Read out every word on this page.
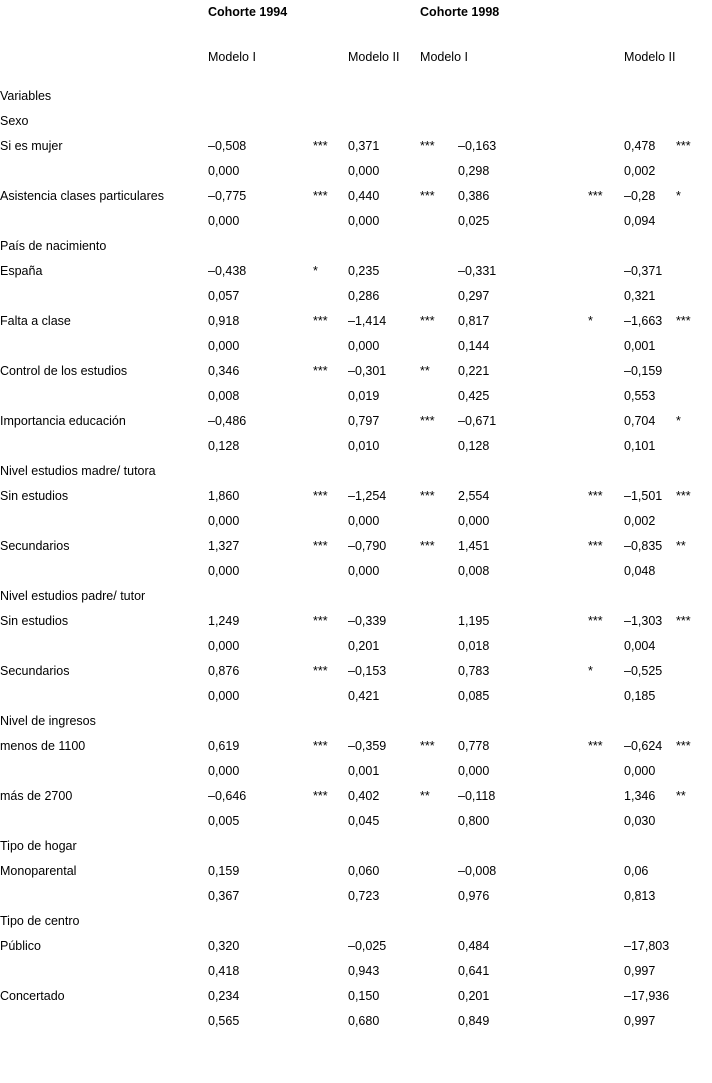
	Cohorte 1994			Cohorte 1998				

	Modelo I		Modelo II	Modelo I			Modelo II	

Variables								
Sexo								
Si es mujer	–0,508	***	0,371	***	–0,163		0,478	***
	0,000		0,000		0,298		0,002	
Asistencia clases particulares	–0,775	***	0,440	***	0,386	***	–0,28	*
	0,000		0,000		0,025		0,094	
País de nacimiento								
España	–0,438	*	0,235		–0,331		–0,371	
	0,057		0,286		0,297		0,321	
Falta a clase	0,918	***	–1,414	***	0,817	*	–1,663	***
	0,000		0,000		0,144		0,001	
Control de los estudios	0,346	***	–0,301	**	0,221		–0,159	
	0,008		0,019		0,425		0,553	
Importancia educación	–0,486		0,797	***	–0,671		0,704	*
	0,128		0,010		0,128		0,101	
Nivel estudios madre/ tutora								
Sin estudios	1,860	***	–1,254	***	2,554	***	–1,501	***
	0,000		0,000		0,000		0,002	
Secundarios	1,327	***	–0,790	***	1,451	***	–0,835	**
	0,000		0,000		0,008		0,048	
Nivel estudios padre/ tutor								
Sin estudios	1,249	***	–0,339		1,195	***	–1,303	***
	0,000		0,201		0,018		0,004	
Secundarios	0,876	***	–0,153		0,783	*	–0,525	
	0,000		0,421		0,085		0,185	
Nivel de ingresos								
menos de 1100	0,619	***	–0,359	***	0,778	***	–0,624	***
	0,000		0,001		0,000		0,000	
más de 2700	–0,646	***	0,402	**	–0,118		1,346	**
	0,005		0,045		0,800		0,030	
Tipo de hogar								
Monoparental	0,159		0,060		–0,008		0,06	
	0,367		0,723		0,976		0,813	
Tipo de centro								
Público	0,320		–0,025		0,484		–17,803	
	0,418		0,943		0,641		0,997	
Concertado	0,234		0,150		0,201		–17,936	
	0,565		0,680		0,849		0,997	
